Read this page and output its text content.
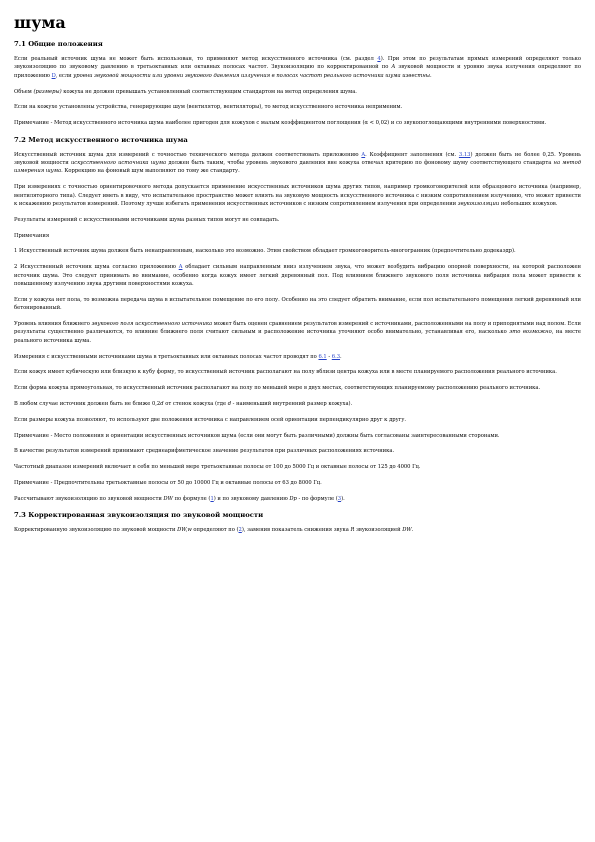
шума
7.1 Общие положения

Если реальный источник шума не может быть использован, то применяют метод искусственного источника (см. раздел 4). При этом по результатам прямых измерений определяют только звукоизоляцию по звуковому давлению в третьоктавных или октавных полосах частот. Звукоизоляцию по корректированной по A звуковой мощности и уровню звука излучения определяют по приложению D, если уровни звуковой мощности или уровни звукового давления излучения в полосах частот реального источника шума известны.

Объем (размеры) кожуха не должен превышать установленный соответствующим стандартом на метод определения шума.

Если на кожухе установлены устройства, генерирующие шум (вентилятор, вентиляторы), то метод искусственного источника неприменим.

Примечание - Метод искусственного источника шума наиболее пригоден для кожухов с малым коэффициентом поглощения (α < 0,02) и со звукопоглощающими внутренними поверхностями.

7.2 Метод искусственного источника шума

Искусственный источник шума для измерений с точностью технического метода должен соответствовать приложению A. Коэффициент заполнения (см. 3.13) должен быть не более 0,25. Уровень звуковой мощности искусственного источника шума должен быть таким, чтобы уровень звукового давления вне кожуха отвечал критерию по фоновому шуму соответствующего стандарта на метод измерения шума. Коррекцию на фоновый шум выполняют по тому же стандарту.

При измерениях с точностью ориентировочного метода допускается применение искусственных источников шума других типов, например громкоговорителей или образцового источника (например, вентиляторного типа). Следует иметь в виду, что испытательное пространство может влиять на звуковую мощность искусственного источника с низким сопротивлением излучению, что может привести к искажению результатов измерений. Поэтому лучше избегать применения искусственных источников с низким сопротивлением излучения при определении звукоизоляции небольших кожухов.

Результаты измерений с искусственными источниками шума разных типов могут не совпадать.

Примечания

1 Искусственный источник шума должен быть ненаправленным, насколько это возможно. Этим свойством обладает громкоговоритель-многогранник (предпочтительно додекаэдр).

2 Искусственный источник шума согласно приложению A обладает сильным направленным вниз излучением звука, что может возбудить вибрацию опорной поверхности, на которой расположен источник шума. Это следует принимать во внимание, особенно когда кожух имеет легкий деревянный пол. Под влиянием ближнего звукового поля источника вибрация пола может привести к повышенному излучению звука другими поверхностями кожуха.

Если у кожуха нет пола, то возможна передача шума в испытательное помещение по его полу. Особенно на это следует обратить внимание, если пол испытательного помещения легкий деревянный или бетонированный.

Уровень влияния ближнего звукового поля искусственного источника может быть оценен сравнением результатов измерений с источниками, расположенными на полу и приподнятыми над полом. Если результаты существенно различаются, то влияние ближнего поля считают сильным и расположение источника уточняют особо внимательно, устанавливая его, насколько это возможно, на месте реального источника шума.

Измерения с искусственными источниками шума в третьоктавных или октавных полосах частот проводят по 6.1 - 6.3.

Если кожух имеет кубическую или близкую к кубу форму, то искусственный источник располагают на полу вблизи центра кожуха или в месте планируемого расположения реального источника.

Если форма кожуха прямоугольная, то искусственный источник располагают на полу по меньшей мере в двух местах, соответствующих планируемому расположению реального источника.

В любом случае источник должен быть не ближе 0,2d от стенок кожуха (где d - наименьший внутренний размер кожуха).

Если размеры кожуха позволяют, то используют две положения источника с направлением осей ориентации перпендикулярно друг к другу.

Примечание - Место положения и ориентации искусственных источников шума (если они могут быть различными) должны быть согласованы заинтересованными сторонами.

В качестве результатов измерений принимают среднеарифметическое значение результатов при различных расположениях источника.

Частотный диапазон измерений включает в себя по меньшей мере третьоктавные полосы от 100 до 5000 Гц и октавные полосы от 125 до 4000 Гц.

Примечание - Предпочтительны третьоктавные полосы от 50 до 10000 Гц и октавные полосы от 63 до 8000 Гц.

Рассчитывают звукоизоляцию по звуковой мощности DW по формуле (1) и по звуковому давлению Dp - по формуле (3).

7.3 Корректированная звукоизоляция по звуковой мощности

Корректированную звукоизоляцию по звуковой мощности DW,w определяют по (2), заменив показатель снижения звука R звукоизоляцией DW.
